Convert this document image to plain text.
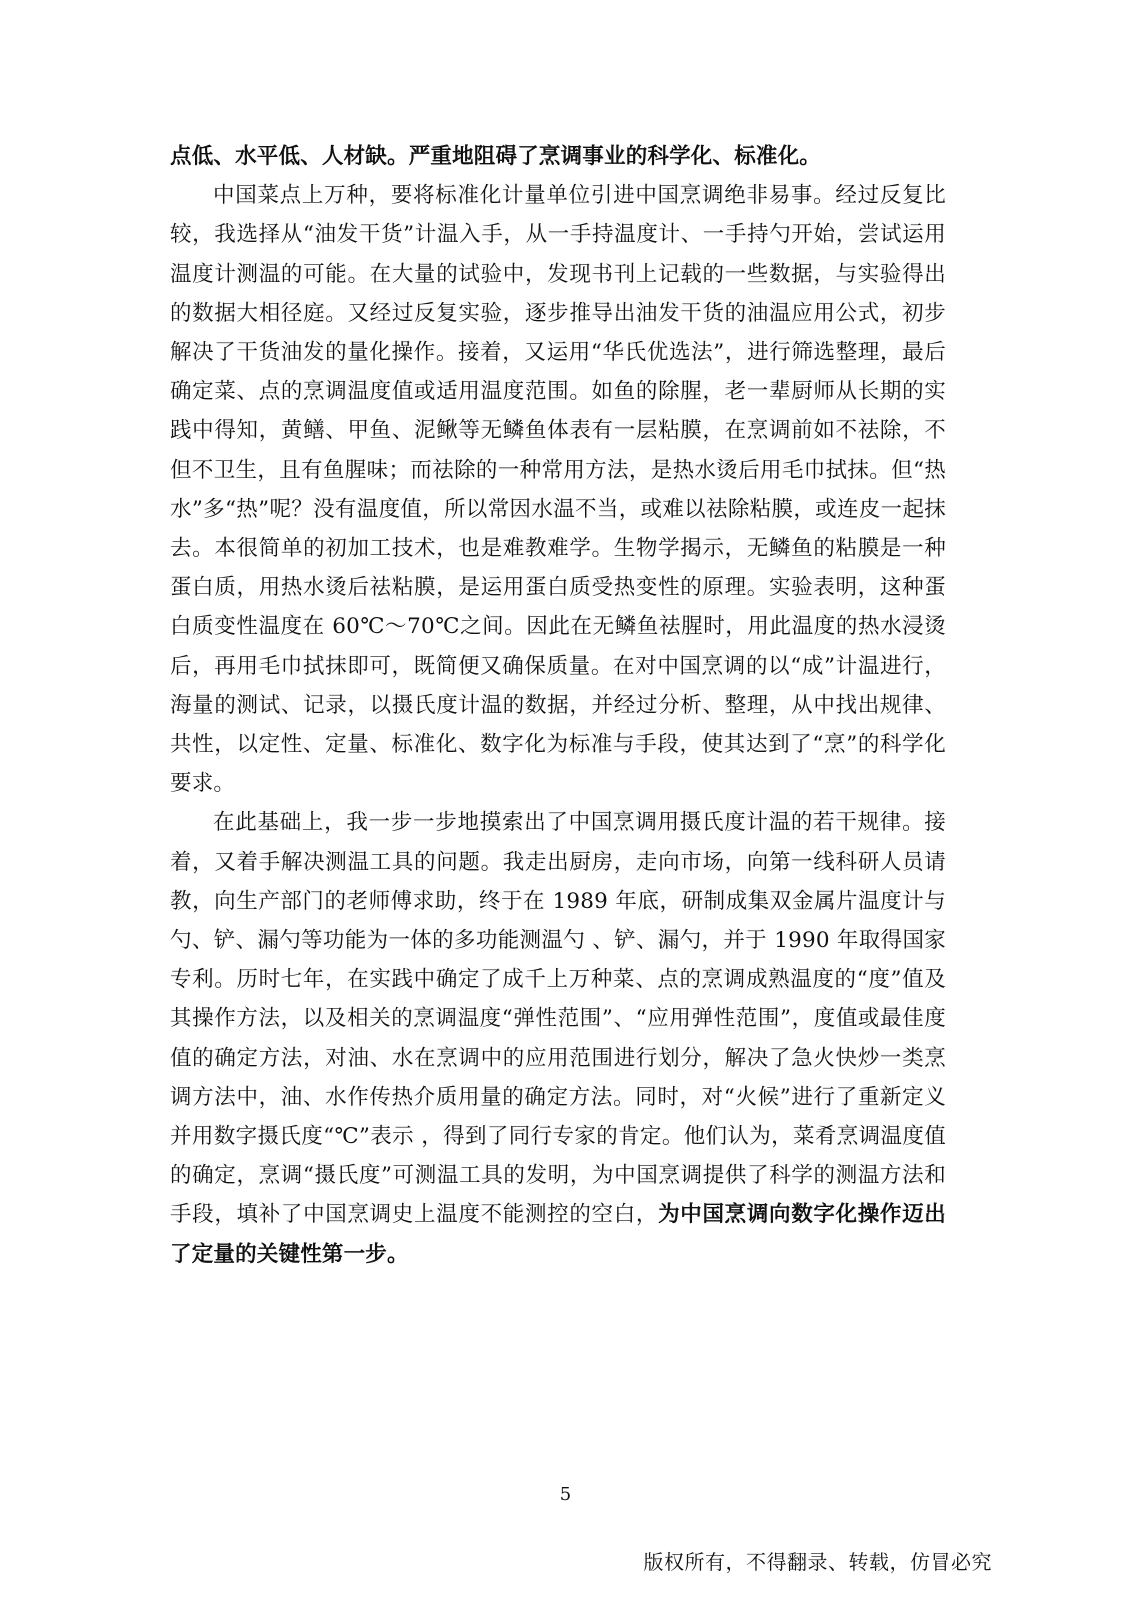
点低、水平低、人材缺。严重地阻碍了烹调事业的科学化、标准化。

中国菜点上万种，要将标准化计量单位引进中国烹调绝非易事。经过反复比较，我选择从“油发干货”计温入手，从一手持温度计、一手持勺开始，尝试运用温度计测温的可能。在大量的试验中，发现书刊上记载的一些数据，与实验得出的数据大相径庭。又经过反复实验，逐步推导出油发干货的油温应用公式，初步解决了干货油发的量化操作。接着，又运用“华氏优选法”，进行筛选整理，最后确定菜、点的烹调温度值或适用温度范围。如鱼的除腥，老一辈厨师从长期的实践中得知，黄鳝、甲鱼、泥鳅等无鳞鱼体表有一层粘膜，在烹调前如不祛除，不但不卫生，且有鱼腥味；而祛除的一种常用方法，是热水烫后用毛巾拭抹。但“热水”多“热”呢？没有温度值，所以常因水温不当，或难以祛除粘膜，或连皮一起抹去。本很简单的初加工技术，也是难教难学。生物学揭示，无鳞鱼的粘膜是一种蛋白质，用热水烫后祛粘膜，是运用蛋白质受热变性的原理。实验表明，这种蛋白质变性温度在 60℃～70℃之间。因此在无鳞鱼祛腥时，用此温度的热水浸烫后，再用毛巾拭抹即可，既简便又确保质量。在对中国烹调的以“成”计温进行，海量的测试、记录，以摄氏度计温的数据，并经过分析、整理，从中找出规律、共性，以定性、定量、标准化、数字化为标准与手段，使其达到了“烹”的科学化要求。

在此基础上，我一步一步地摸索出了中国烹调用摄氏度计温的若干规律。接着，又着手解决测温工具的问题。我走出厨房，走向市场，向第一线科研人员请教，向生产部门的老师傅求助，终于在 1989 年底，研制成集双金属片温度计与勺、铲、漏勺等功能为一体的多功能测温勺 、铲、漏勺，并于 1990 年取得国家专利。历时七年，在实践中确定了成千上万种菜、点的烹调成熟温度的“度”值及其操作方法，以及相关的烹调温度“弹性范围”、“应用弹性范围”，度值或最佳度值的确定方法，对油、水在烹调中的应用范围进行划分，解决了急火快炒一类烹调方法中，油、水作传热介质用量的确定方法。同时，对“火候”进行了重新定义并用数字摄氏度“℃”表示 ，得到了同行专家的肯定。他们认为，菜肴烹调温度值的确定，烹调“摄氏度”可测温工具的发明，为中国烹调提供了科学的测温方法和手段，填补了中国烹调史上温度不能测控的空白，为中国烹调向数字化操作迈出了定量的关键性第一步。

5
版权所有，不得翻录、转载，仿冒必究
